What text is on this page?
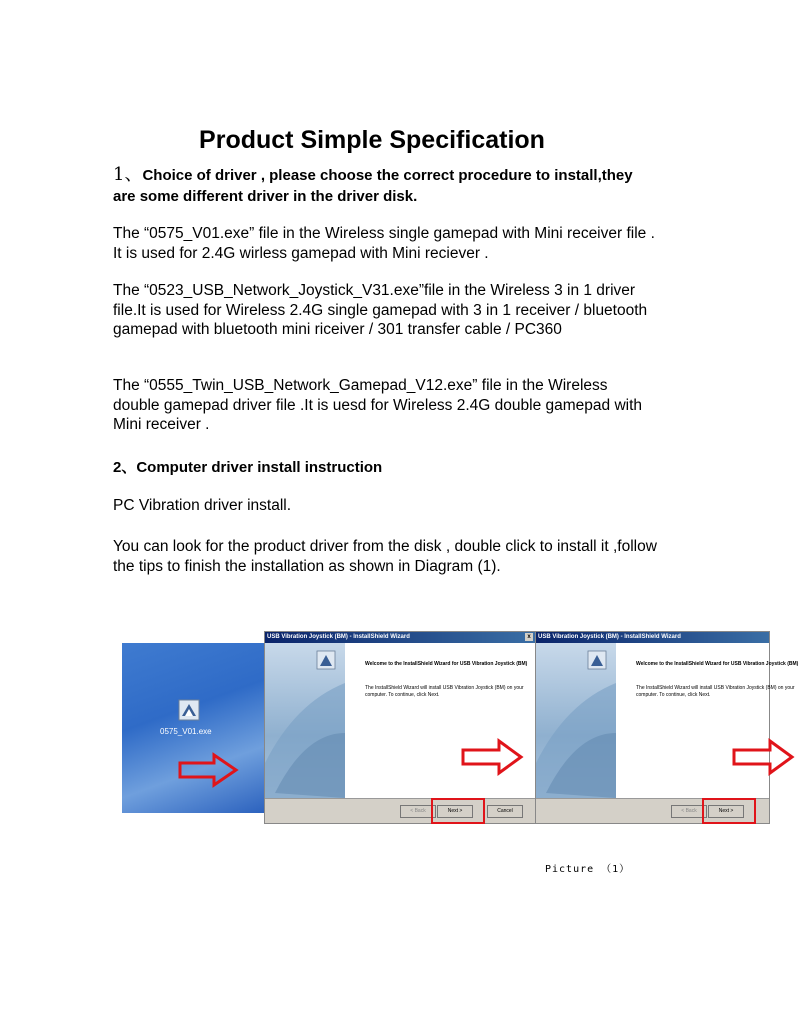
Product Simple Specification
1、Choice of driver , please choose the correct procedure to install,they are some different driver in the driver disk.
The “0575_V01.exe” file in the Wireless single gamepad with Mini receiver file . It is used for 2.4G wirless gamepad with Mini reciever .
The “0523_USB_Network_Joystick_V31.exe”file in the Wireless 3 in 1 driver file.It is used for Wireless 2.4G single gamepad with 3 in 1 receiver / bluetooth gamepad with bluetooth mini riceiver / 301 transfer cable / PC360
The “0555_Twin_USB_Network_Gamepad_V12.exe” file in the Wireless double gamepad driver file .It is uesd for Wireless 2.4G double gamepad with Mini receiver .
2、Computer driver install instruction
PC Vibration driver install.
You can look for the product driver from the disk , double click to install it ,follow the tips to finish the installation as shown in Diagram (1).
0575_V01.exe
USB Vibration Joystick (BM) - InstallShield Wizard	x
Welcome to the InstallShield Wizard for USB Vibration Joystick (BM)
The InstallShield Wizard will install USB Vibration Joystick (BM) on your computer. To continue, click Next.
< Back	Next >	Cancel
USB Vibration Joystick (BM) - InstallShield Wizard
Welcome to the InstallShield Wizard for USB Vibration Joystick (BM)
The InstallShield Wizard will install USB Vibration Joystick (BM) on your computer. To continue, click Next.
< Back	Next >
Picture （1）
